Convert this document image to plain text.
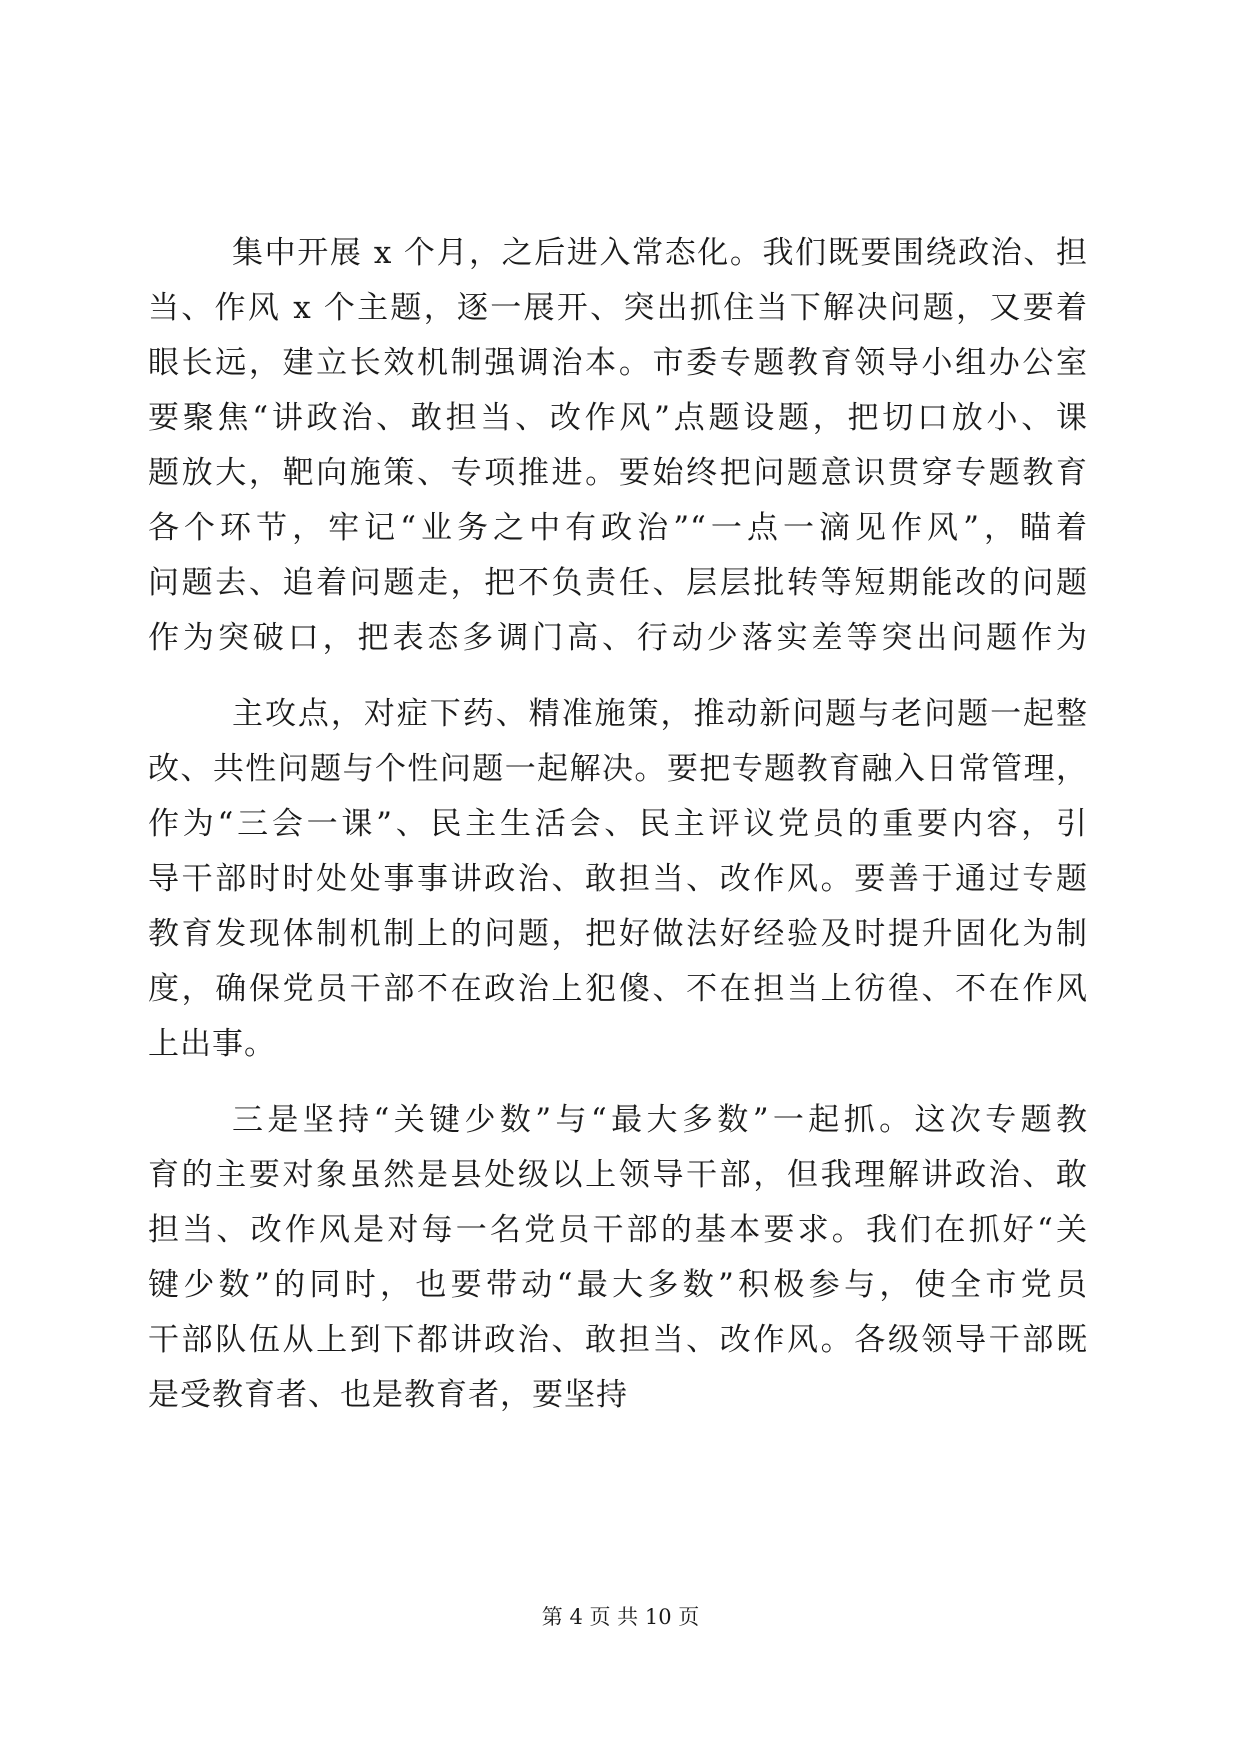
集中开展 x 个月，之后进入常态化。我们既要围绕政治、担
当、作风 x 个主题，逐一展开、突出抓住当下解决问题，又要着
眼长远，建立长效机制强调治本。市委专题教育领导小组办公室
要聚焦“讲政治、敢担当、改作风”点题设题，把切口放小、课
题放大，靶向施策、专项推进。要始终把问题意识贯穿专题教育
各个环节，牢记“业务之中有政治”“一点一滴见作风”，瞄着
问题去、追着问题走，把不负责任、层层批转等短期能改的问题
作为突破口，把表态多调门高、行动少落实差等突出问题作为

主攻点，对症下药、精准施策，推动新问题与老问题一起整
改、共性问题与个性问题一起解决。要把专题教育融入日常管理，
作为“三会一课”、民主生活会、民主评议党员的重要内容，引
导干部时时处处事事讲政治、敢担当、改作风。要善于通过专题
教育发现体制机制上的问题，把好做法好经验及时提升固化为制
度，确保党员干部不在政治上犯傻、不在担当上彷徨、不在作风
上出事。

三是坚持“关键少数”与“最大多数”一起抓。这次专题教
育的主要对象虽然是县处级以上领导干部，但我理解讲政治、敢
担当、改作风是对每一名党员干部的基本要求。我们在抓好“关
键少数”的同时，也要带动“最大多数”积极参与，使全市党员
干部队伍从上到下都讲政治、敢担当、改作风。各级领导干部既
是受教育者、也是教育者，要坚持

第 4 页 共 10 页
